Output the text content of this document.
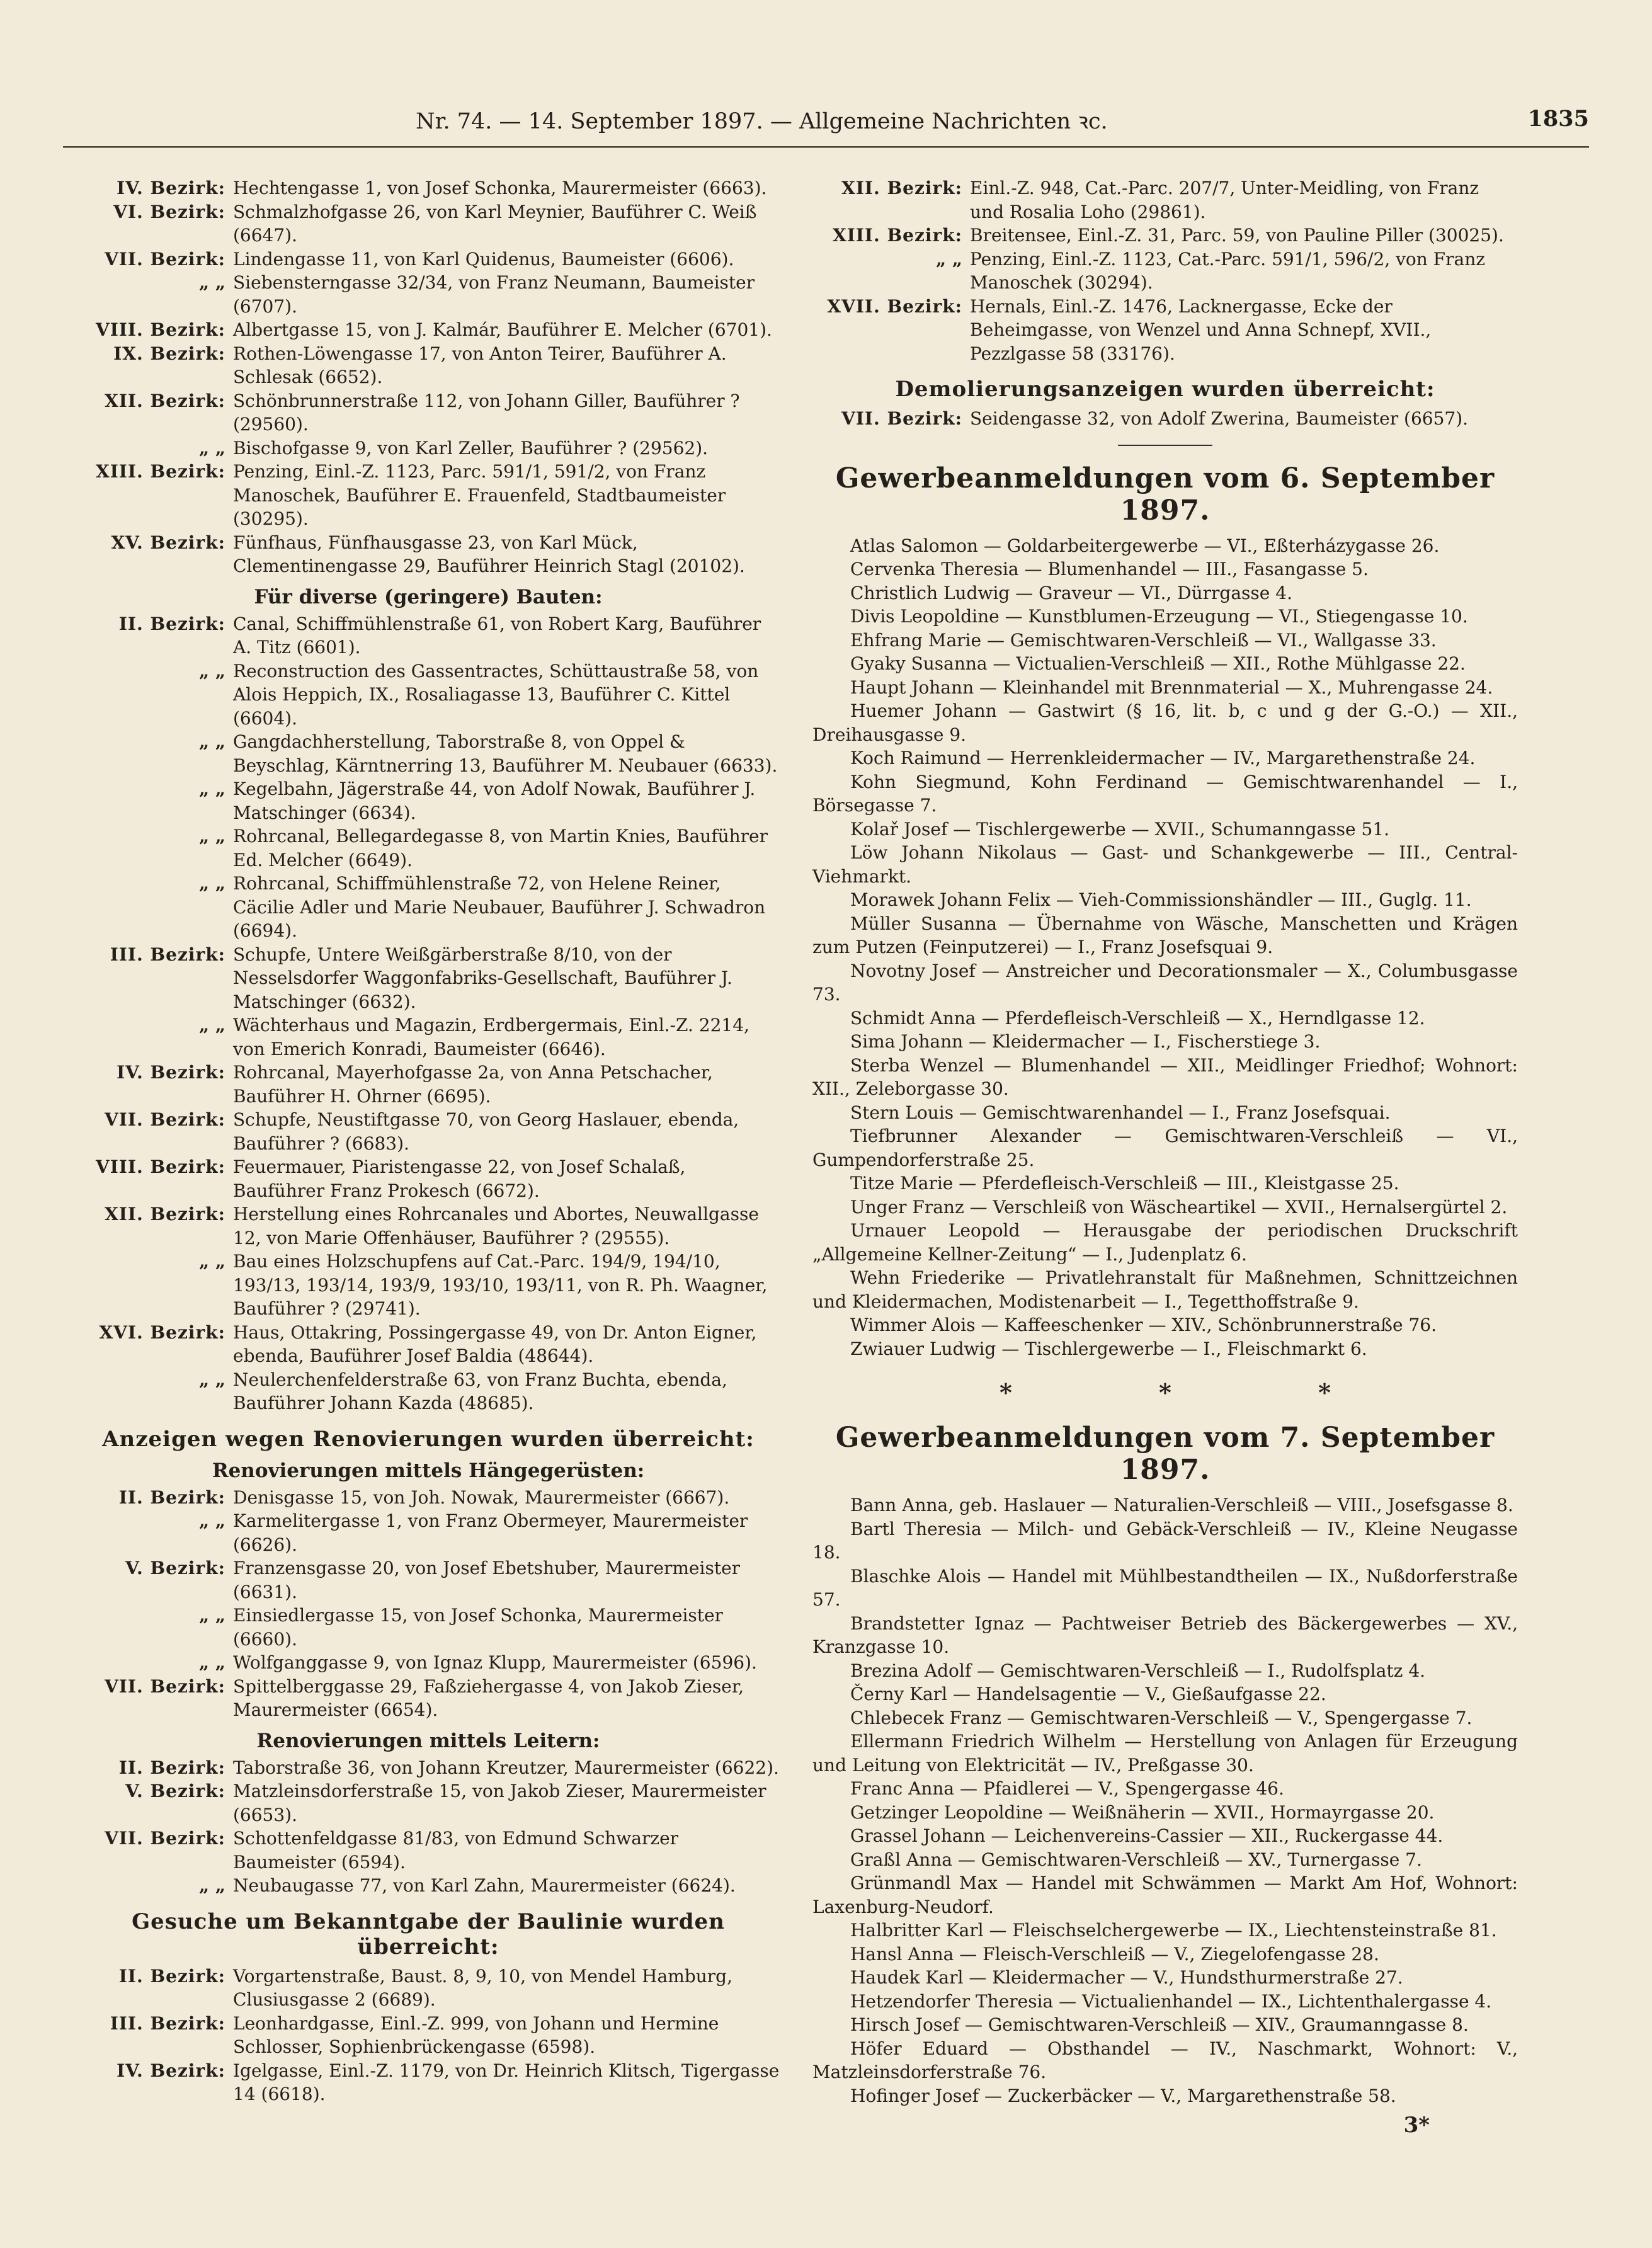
Nr. 74. — 14. September 1897. — Allgemeine Nachrichten ꝛc.	1835

IV. Bezirk: Hechtengasse 1, von Josef Schonka, Maurermeister (6663).

VI. Bezirk: Schmalzhofgasse 26, von Karl Meynier, Bauführer C. Weiß (6647).

VII. Bezirk: Lindengasse 11, von Karl Quidenus, Baumeister (6606).

„ „ Siebensterngasse 32/34, von Franz Neumann, Baumeister (6707).

VIII. Bezirk: Albertgasse 15, von J. Kalmár, Bauführer E. Melcher (6701).

IX. Bezirk: Rothen-Löwengasse 17, von Anton Teirer, Bauführer A. Schlesak (6652).

XII. Bezirk: Schönbrunnerstraße 112, von Johann Giller, Bauführer ? (29560).

„ „ Bischofgasse 9, von Karl Zeller, Bauführer ? (29562).

XIII. Bezirk: Penzing, Einl.-Z. 1123, Parc. 591/1, 591/2, von Franz Manoschek, Bauführer E. Frauenfeld, Stadtbaumeister (30295).

XV. Bezirk: Fünfhaus, Fünfhausgasse 23, von Karl Mück, Clementinengasse 29, Bauführer Heinrich Stagl (20102).

Für diverse (geringere) Bauten:

II. Bezirk: Canal, Schiffmühlenstraße 61, von Robert Karg, Bauführer A. Titz (6601).

„ „ Reconstruction des Gassentractes, Schüttaustraße 58, von Alois Heppich, IX., Rosaliagasse 13, Bauführer C. Kittel (6604).

„ „ Gangdachherstellung, Taborstraße 8, von Oppel & Beyschlag, Kärntnerring 13, Bauführer M. Neubauer (6633).

„ „ Kegelbahn, Jägerstraße 44, von Adolf Nowak, Bauführer J. Matschinger (6634).

„ „ Rohrcanal, Bellegardegasse 8, von Martin Knies, Bauführer Ed. Melcher (6649).

„ „ Rohrcanal, Schiffmühlenstraße 72, von Helene Reiner, Cäcilie Adler und Marie Neubauer, Bauführer J. Schwadron (6694).

III. Bezirk: Schupfe, Untere Weißgärberstraße 8/10, von der Nesselsdorfer Waggonfabriks-Gesellschaft, Bauführer J. Matschinger (6632).

„ „ Wächterhaus und Magazin, Erdbergermais, Einl.-Z. 2214, von Emerich Konradi, Baumeister (6646).

IV. Bezirk: Rohrcanal, Mayerhofgasse 2a, von Anna Petschacher, Bauführer H. Ohrner (6695).

VII. Bezirk: Schupfe, Neustiftgasse 70, von Georg Haslauer, ebenda, Bauführer ? (6683).

VIII. Bezirk: Feuermauer, Piaristengasse 22, von Josef Schalaß, Bauführer Franz Prokesch (6672).

XII. Bezirk: Herstellung eines Rohrcanales und Abortes, Neuwallgasse 12, von Marie Offenhäuser, Bauführer ? (29555).

„ „ Bau eines Holzschupfens auf Cat.-Parc. 194/9, 194/10, 193/13, 193/14, 193/9, 193/10, 193/11, von R. Ph. Waagner, Bauführer ? (29741).

XVI. Bezirk: Haus, Ottakring, Possingergasse 49, von Dr. Anton Eigner, ebenda, Bauführer Josef Baldia (48644).

„ „ Neulerchenfelderstraße 63, von Franz Buchta, ebenda, Bauführer Johann Kazda (48685).

Anzeigen wegen Renovierungen wurden überreicht:
Renovierungen mittels Hängegerüsten:

II. Bezirk: Denisgasse 15, von Joh. Nowak, Maurermeister (6667).

„ „ Karmelitergasse 1, von Franz Obermeyer, Maurermeister (6626).

V. Bezirk: Franzensgasse 20, von Josef Ebetshuber, Maurermeister (6631).

„ „ Einsiedlergasse 15, von Josef Schonka, Maurermeister (6660).

„ „ Wolfganggasse 9, von Ignaz Klupp, Maurermeister (6596).

VII. Bezirk: Spittelberggasse 29, Faßziehergasse 4, von Jakob Zieser, Maurermeister (6654).

Renovierungen mittels Leitern:

II. Bezirk: Taborstraße 36, von Johann Kreutzer, Maurermeister (6622).

V. Bezirk: Matzleinsdorferstraße 15, von Jakob Zieser, Maurermeister (6653).

VII. Bezirk: Schottenfeldgasse 81/83, von Edmund Schwarzer Baumeister (6594).

„ „ Neubaugasse 77, von Karl Zahn, Maurermeister (6624).

Gesuche um Bekanntgabe der Baulinie wurden überreicht:

II. Bezirk: Vorgartenstraße, Baust. 8, 9, 10, von Mendel Hamburg, Clusiusgasse 2 (6689).

III. Bezirk: Leonhardgasse, Einl.-Z. 999, von Johann und Hermine Schlosser, Sophienbrückengasse (6598).

IV. Bezirk: Igelgasse, Einl.-Z. 1179, von Dr. Heinrich Klitsch, Tigergasse 14 (6618).

XII. Bezirk: Einl.-Z. 948, Cat.-Parc. 207/7, Unter-Meidling, von Franz und Rosalia Loho (29861).

XIII. Bezirk: Breitensee, Einl.-Z. 31, Parc. 59, von Pauline Piller (30025).

„ „ Penzing, Einl.-Z. 1123, Cat.-Parc. 591/1, 596/2, von Franz Manoschek (30294).

XVII. Bezirk: Hernals, Einl.-Z. 1476, Lacknergasse, Ecke der Beheimgasse, von Wenzel und Anna Schnepf, XVII., Pezzlgasse 58 (33176).

Demolierungsanzeigen wurden überreicht:

VII. Bezirk: Seidengasse 32, von Adolf Zwerina, Baumeister (6657).

Gewerbeanmeldungen vom 6. September 1897.

Atlas Salomon — Goldarbeitergewerbe — VI., Eßterházygasse 26.

Cervenka Theresia — Blumenhandel — III., Fasangasse 5.

Christlich Ludwig — Graveur — VI., Dürrgasse 4.

Divis Leopoldine — Kunstblumen-Erzeugung — VI., Stiegengasse 10.

Ehfrang Marie — Gemischtwaren-Verschleiß — VI., Wallgasse 33.

Gyaky Susanna — Victualien-Verschleiß — XII., Rothe Mühlgasse 22.

Haupt Johann — Kleinhandel mit Brennmaterial — X., Muhrengasse 24.

Huemer Johann — Gastwirt (§ 16, lit. b, c und g der G.-O.) — XII., Dreihausgasse 9.

Koch Raimund — Herrenkleidermacher — IV., Margarethenstraße 24.

Kohn Siegmund, Kohn Ferdinand — Gemischtwarenhandel — I., Börsegasse 7.

Kolař Josef — Tischlergewerbe — XVII., Schumanngasse 51.

Löw Johann Nikolaus — Gast- und Schankgewerbe — III., Central-Viehmarkt.

Morawek Johann Felix — Vieh-Commissionshändler — III., Guglg. 11.

Müller Susanna — Übernahme von Wäsche, Manschetten und Krägen zum Putzen (Feinputzerei) — I., Franz Josefsquai 9.

Novotny Josef — Anstreicher und Decorationsmaler — X., Columbusgasse 73.

Schmidt Anna — Pferdefleisch-Verschleiß — X., Herndlgasse 12.

Sima Johann — Kleidermacher — I., Fischerstiege 3.

Sterba Wenzel — Blumenhandel — XII., Meidlinger Friedhof; Wohnort: XII., Zeleborgasse 30.

Stern Louis — Gemischtwarenhandel — I., Franz Josefsquai.

Tiefbrunner Alexander — Gemischtwaren-Verschleiß — VI., Gumpendorferstraße 25.

Titze Marie — Pferdefleisch-Verschleiß — III., Kleistgasse 25.

Unger Franz — Verschleiß von Wäscheartikel — XVII., Hernalsergürtel 2.

Urnauer Leopold — Herausgabe der periodischen Druckschrift „Allgemeine Kellner-Zeitung“ — I., Judenplatz 6.

Wehn Friederike — Privatlehranstalt für Maßnehmen, Schnittzeichnen und Kleidermachen, Modistenarbeit — I., Tegetthoffstraße 9.

Wimmer Alois — Kaffeeschenker — XIV., Schönbrunnerstraße 76.

Zwiauer Ludwig — Tischlergewerbe — I., Fleischmarkt 6.

* * *
Gewerbeanmeldungen vom 7. September 1897.

Bann Anna, geb. Haslauer — Naturalien-Verschleiß — VIII., Josefsgasse 8.

Bartl Theresia — Milch- und Gebäck-Verschleiß — IV., Kleine Neugasse 18.

Blaschke Alois — Handel mit Mühlbestandtheilen — IX., Nußdorferstraße 57.

Brandstetter Ignaz — Pachtweiser Betrieb des Bäckergewerbes — XV., Kranzgasse 10.

Brezina Adolf — Gemischtwaren-Verschleiß — I., Rudolfsplatz 4.

Černy Karl — Handelsagentie — V., Gießaufgasse 22.

Chlebecek Franz — Gemischtwaren-Verschleiß — V., Spengergasse 7.

Ellermann Friedrich Wilhelm — Herstellung von Anlagen für Erzeugung und Leitung von Elektricität — IV., Preßgasse 30.

Franc Anna — Pfaidlerei — V., Spengergasse 46.

Getzinger Leopoldine — Weißnäherin — XVII., Hormayrgasse 20.

Grassel Johann — Leichenvereins-Cassier — XII., Ruckergasse 44.

Graßl Anna — Gemischtwaren-Verschleiß — XV., Turnergasse 7.

Grünmandl Max — Handel mit Schwämmen — Markt Am Hof, Wohnort: Laxenburg-Neudorf.

Halbritter Karl — Fleischselchergewerbe — IX., Liechtensteinstraße 81.

Hansl Anna — Fleisch-Verschleiß — V., Ziegelofengasse 28.

Haudek Karl — Kleidermacher — V., Hundsthurmerstraße 27.

Hetzendorfer Theresia — Victualienhandel — IX., Lichtenthalergasse 4.

Hirsch Josef — Gemischtwaren-Verschleiß — XIV., Graumanngasse 8.

Höfer Eduard — Obsthandel — IV., Naschmarkt, Wohnort: V., Matzleinsdorferstraße 76.

Hofinger Josef — Zuckerbäcker — V., Margarethenstraße 58.

3*
